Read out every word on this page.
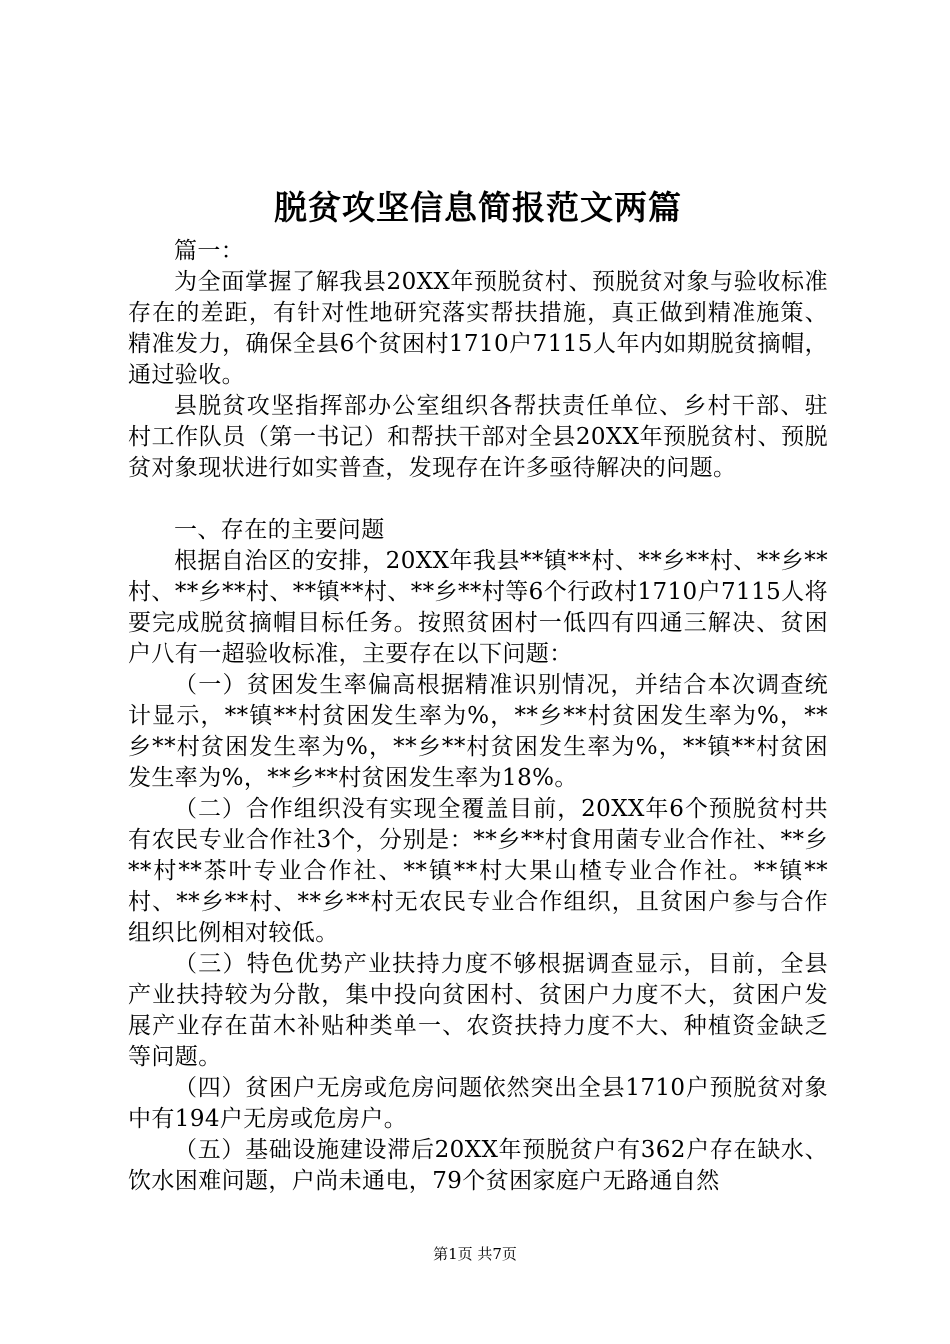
脱贫攻坚信息简报范文两篇

篇一：

为全面掌握了解我县20XX年预脱贫村、预脱贫对象与验收标准存在的差距，有针对性地研究落实帮扶措施，真正做到精准施策、精准发力，确保全县6个贫困村1710户7115人年内如期脱贫摘帽，通过验收。

县脱贫攻坚指挥部办公室组织各帮扶责任单位、乡村干部、驻村工作队员（第一书记）和帮扶干部对全县20XX年预脱贫村、预脱贫对象现状进行如实普查，发现存在许多亟待解决的问题。

一、存在的主要问题

根据自治区的安排，20XX年我县**镇**村、**乡**村、**乡**村、**乡**村、**镇**村、**乡**村等6个行政村1710户7115人将要完成脱贫摘帽目标任务。按照贫困村一低四有四通三解决、贫困户八有一超验收标准，主要存在以下问题：

（一）贫困发生率偏高根据精准识别情况，并结合本次调查统计显示，**镇**村贫困发生率为%，**乡**村贫困发生率为%，**乡**村贫困发生率为%，**乡**村贫困发生率为%，**镇**村贫困发生率为%，**乡**村贫困发生率为18%。

（二）合作组织没有实现全覆盖目前，20XX年6个预脱贫村共有农民专业合作社3个，分别是：**乡**村食用菌专业合作社、**乡**村**茶叶专业合作社、**镇**村大果山楂专业合作社。**镇**村、**乡**村、**乡**村无农民专业合作组织，且贫困户参与合作组织比例相对较低。

（三）特色优势产业扶持力度不够根据调查显示，目前，全县产业扶持较为分散，集中投向贫困村、贫困户力度不大，贫困户发展产业存在苗木补贴种类单一、农资扶持力度不大、种植资金缺乏等问题。

（四）贫困户无房或危房问题依然突出全县1710户预脱贫对象中有194户无房或危房户。

（五）基础设施建设滞后20XX年预脱贫户有362户存在缺水、饮水困难问题，户尚未通电，79个贫困家庭户无路通自然

第1页 共7页
